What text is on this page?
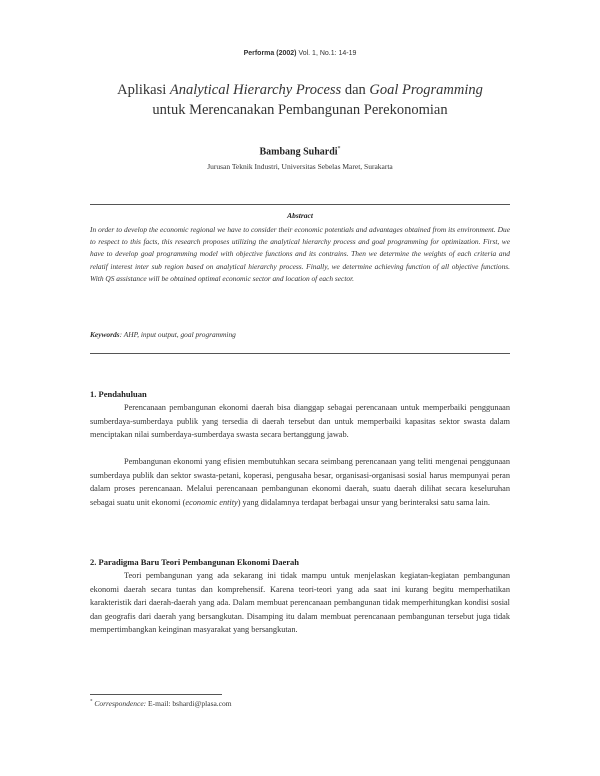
Performa (2002) Vol. 1, No.1: 14-19
Aplikasi Analytical Hierarchy Process dan Goal Programming
untuk Merencanakan Pembangunan Perekonomian
Bambang Suhardi*
Jurusan Teknik Industri, Universitas Sebelas Maret, Surakarta
Abstract
In order to develop the economic regional we have to consider their economic potentials and advantages obtained from its environment. Due to respect to this facts, this research proposes utilizing the analytical hierarchy process and goal programming for optimization. First, we have to develop goal programming model with objective functions and its contrains. Then we determine the weights of each criteria and relatif interest inter sub region based on analytical hierarchy process. Finally, we determine achieving function of all objective functions. With QS assistance will be obtained optimal economic sector and location of each sector.
Keywords: AHP, input output, goal programming
1. Pendahuluan

Perencanaan pembangunan ekonomi daerah bisa dianggap sebagai perencanaan untuk memperbaiki penggunaan sumberdaya-sumberdaya publik yang tersedia di daerah tersebut dan untuk memperbaiki kapasitas sektor swasta dalam menciptakan nilai sumberdaya-sumberdaya swasta secara bertanggung jawab.

Pembangunan ekonomi yang efisien membutuhkan secara seimbang perencanaan yang teliti mengenai penggunaan sumberdaya publik dan sektor swasta-petani, koperasi, pengusaha besar, organisasi-organisasi sosial harus mempunyai peran dalam proses perencanaan. Melalui perencanaan pembangunan ekonomi daerah, suatu daerah dilihat secara keseluruhan sebagai suatu unit ekonomi (economic entity) yang didalamnya terdapat berbagai unsur yang berinteraksi satu sama lain.

2. Paradigma Baru Teori Pembangunan Ekonomi Daerah

Teori pembangunan yang ada sekarang ini tidak mampu untuk menjelaskan kegiatan-kegiatan pembangunan ekonomi daerah secara tuntas dan komprehensif. Karena teori-teori yang ada saat ini kurang begitu memperhatikan karakteristik dari daerah-daerah yang ada. Dalam membuat perencanaan pembangunan tidak memperhitungkan kondisi sosial dan geografis dari daerah yang bersangkutan. Disamping itu dalam membuat perencanaan pembangunan tersebut juga tidak mempertimbangkan keinginan masyarakat yang bersangkutan.

* Correspondence: E-mail: bshardi@plasa.com
